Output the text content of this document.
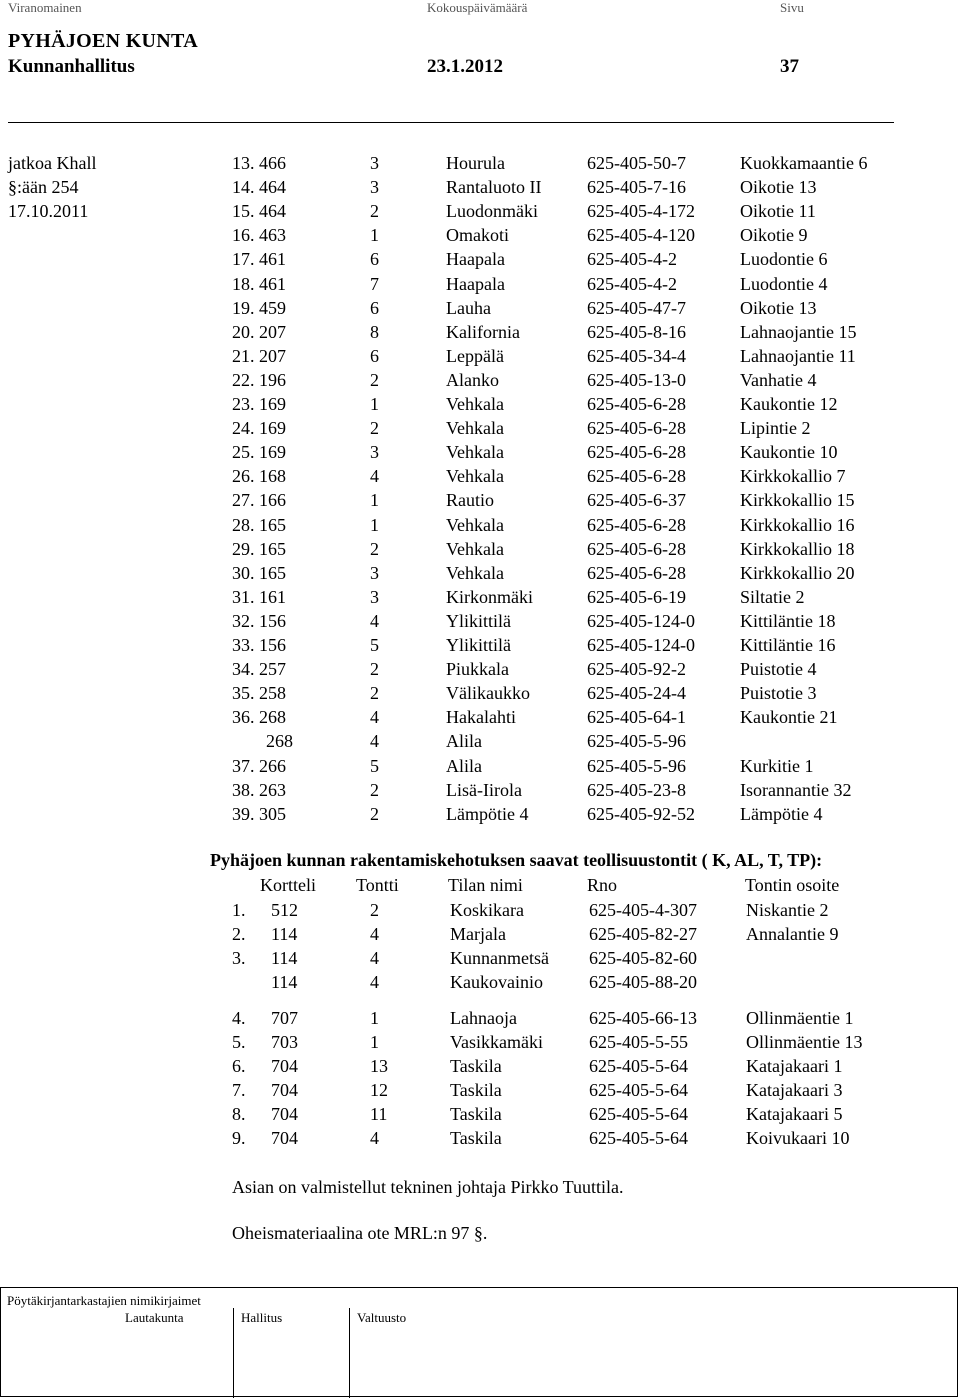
Viranomainen	Kokouspäivämäärä	Sivu
PYHÄJOEN KUNTA
Kunnanhallitus	23.1.2012	37
jatkoa Khall
§:ään 254
17.10.2011
13. 466	3	Hourula	625-405-50-7	Kuokkamaantie 6
14. 464	3	Rantaluoto II	625-405-7-16	Oikotie 13
15. 464	2	Luodonmäki	625-405-4-172	Oikotie 11
16. 463	1	Omakoti	625-405-4-120	Oikotie 9
17. 461	6	Haapala	625-405-4-2	Luodontie 6
18. 461	7	Haapala	625-405-4-2	Luodontie 4
19. 459	6	Lauha	625-405-47-7	Oikotie 13
20. 207	8	Kalifornia	625-405-8-16	Lahnaojantie 15
21. 207	6	Leppälä	625-405-34-4	Lahnaojantie 11
22. 196	2	Alanko	625-405-13-0	Vanhatie 4
23. 169	1	Vehkala	625-405-6-28	Kaukontie 12
24. 169	2	Vehkala	625-405-6-28	Lipintie 2
25. 169	3	Vehkala	625-405-6-28	Kaukontie 10
26. 168	4	Vehkala	625-405-6-28	Kirkkokallio 7
27. 166	1	Rautio	625-405-6-37	Kirkkokallio 15
28. 165	1	Vehkala	625-405-6-28	Kirkkokallio 16
29. 165	2	Vehkala	625-405-6-28	Kirkkokallio 18
30. 165	3	Vehkala	625-405-6-28	Kirkkokallio 20
31. 161	3	Kirkonmäki	625-405-6-19	Siltatie 2
32. 156	4	Ylikittilä	625-405-124-0	Kittiläntie 18
33. 156	5	Ylikittilä	625-405-124-0	Kittiläntie 16
34. 257	2	Piukkala	625-405-92-2	Puistotie 4
35. 258	2	Välikaukko	625-405-24-4	Puistotie 3
36. 268	4	Hakalahti	625-405-64-1	Kaukontie 21
268	4	Alila	625-405-5-96
37. 266	5	Alila	625-405-5-96	Kurkitie 1
38. 263	2	Lisä-Iirola	625-405-23-8	Isorannantie 32
39. 305	2	Lämpötie 4	625-405-92-52	Lämpötie 4
Pyhäjoen kunnan rakentamiskehotuksen saavat teollisuustontit ( K, AL, T, TP):
Kortteli Tontti	Tilan nimi	Rno	Tontin osoite
1. 512	2	Koskikara	625-405-4-307	Niskantie 2
2. 114	4	Marjala	625-405-82-27	Annalantie 9
3. 114	4	Kunnanmetsä 625-405-82-60
114	4	Kaukovainio	625-405-88-20
4. 707	1	Lahnaoja	625-405-66-13	Ollinmäentie 1
5. 703	1	Vasikkamäki	625-405-5-55	Ollinmäentie 13
6. 704	13	Taskila	625-405-5-64	Katajakaari 1
7. 704	12	Taskila	625-405-5-64	Katajakaari 3
8. 704	11	Taskila	625-405-5-64	Katajakaari 5
9. 704	4	Taskila	625-405-5-64	Koivukaari 10
Asian on valmistellut tekninen johtaja Pirkko Tuuttila.
Oheismateriaalina ote MRL:n 97 §.
Pöytäkirjantarkastajien nimikirjaimet
Lautakunta	Hallitus	Valtuusto
